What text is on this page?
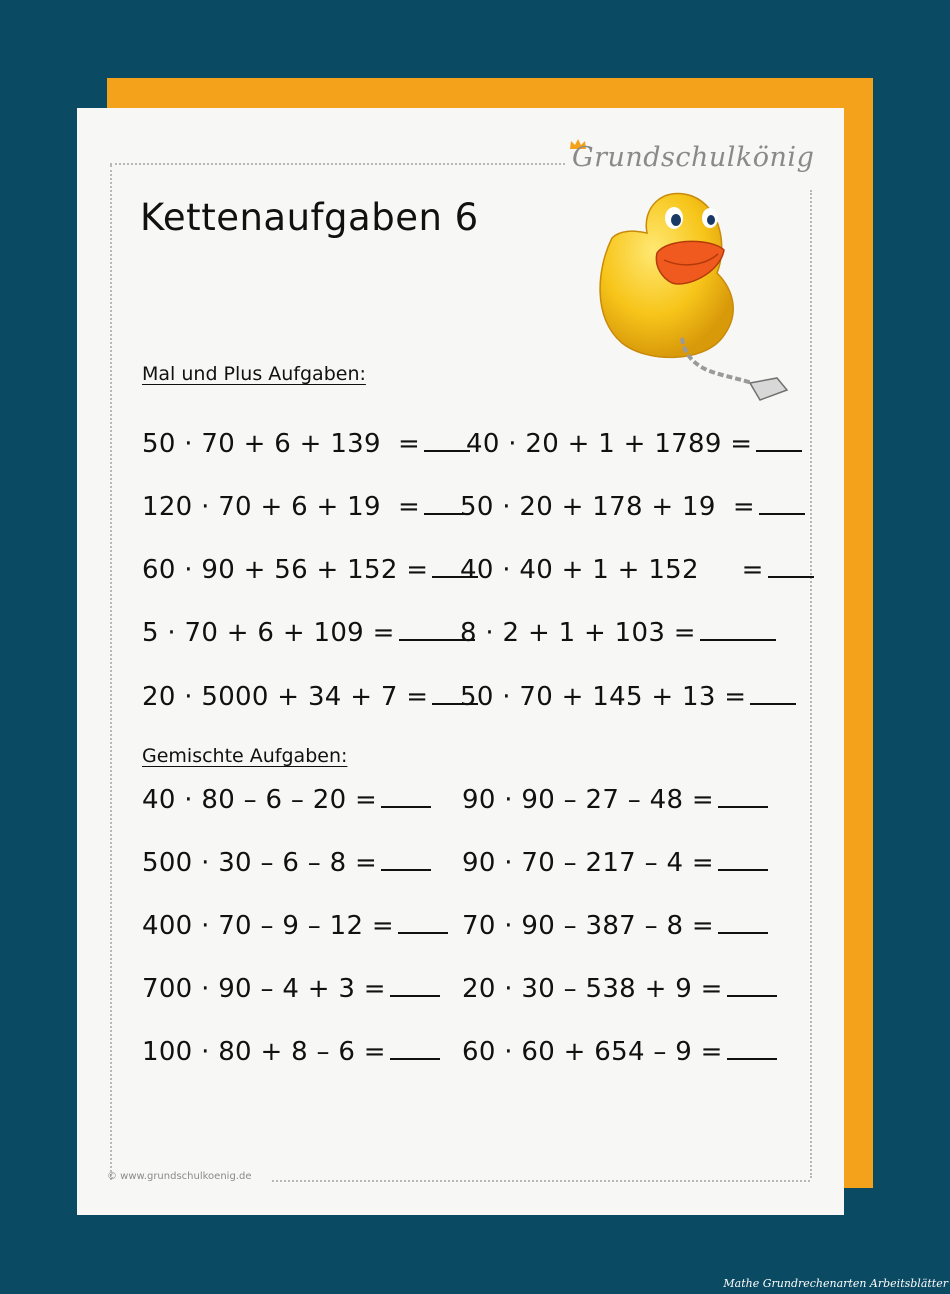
Grundschulkönig
Kettenaufgaben 6
Mal und Plus Aufgaben:
50 · 70 + 6 + 139  =	40 · 20 + 1 + 1789 =
120 · 70 + 6 + 19  =	50 · 20 + 178 + 19  =
60 · 90 + 56 + 152 =	40 · 40 + 1 + 152     =
5 · 70 + 6 + 109 =	8 · 2 + 1 + 103 =
20 · 5000 + 34 + 7 =	50 · 70 + 145 + 13 =
Gemischte Aufgaben:
40 · 80 – 6 – 20 =	90 · 90 – 27 – 48 =
500 · 30 – 6 – 8 =	90 · 70 – 217 – 4 =
400 · 70 – 9 – 12 =	70 · 90 – 387 – 8 =
700 · 90 – 4 + 3 =	20 · 30 – 538 + 9 =
100 · 80 + 8 – 6 =	60 · 60 + 654 – 9 =
© www.grundschulkoenig.de
Mathe Grundrechenarten Arbeitsblätter
